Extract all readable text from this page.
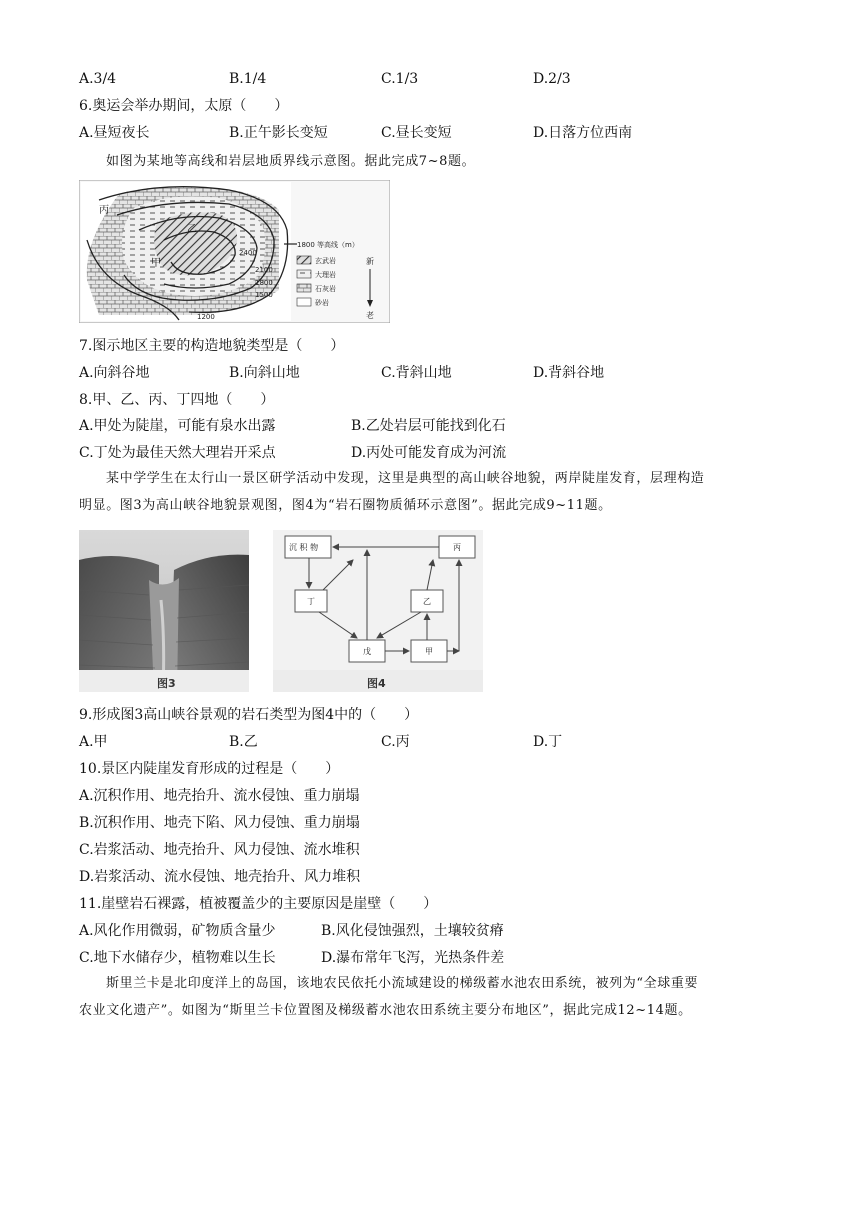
A.3/4	B.1/4	C.1/3	D.2/3
6.奥运会举办期间，太原（　　）
A.昼短夜长	B.正午影长变短	C.昼长变短	D.日落方位西南
如图为某地等高线和岩层地质界线示意图。据此完成7~8题。
丙
乙
甲
2400
2100
1800
1500
1200
1800 等高线（m）
玄武岩
大理岩
石灰岩
砂岩
新
老
7.图示地区主要的构造地貌类型是（　　）
A.向斜谷地	B.向斜山地	C.背斜山地	D.背斜谷地
8.甲、乙、丙、丁四地（　　）
A.甲处为陡崖，可能有泉水出露	B.乙处岩层可能找到化石
C.丁处为最佳天然大理岩开采点	D.丙处可能发育成为河流
某中学学生在太行山一景区研学活动中发现，这里是典型的高山峡谷地貌，两岸陡崖发育，层理构造
明显。图3为高山峡谷地貌景观图，图4为“岩石圈物质循环示意图”。据此完成9~11题。
图3
沉 积 物	丙
丁	乙
戊	甲
图4
9.形成图3高山峡谷景观的岩石类型为图4中的（　　）
A.甲	B.乙	C.丙	D.丁
10.景区内陡崖发育形成的过程是（　　）
A.沉积作用、地壳抬升、流水侵蚀、重力崩塌
B.沉积作用、地壳下陷、风力侵蚀、重力崩塌
C.岩浆活动、地壳抬升、风力侵蚀、流水堆积
D.岩浆活动、流水侵蚀、地壳抬升、风力堆积
11.崖壁岩石裸露，植被覆盖少的主要原因是崖壁（　　）
A.风化作用微弱，矿物质含量少	B.风化侵蚀强烈，土壤较贫瘠
C.地下水储存少，植物难以生长	D.瀑布常年飞泻，光热条件差
斯里兰卡是北印度洋上的岛国，该地农民依托小流域建设的梯级蓄水池农田系统，被列为“全球重要
农业文化遗产”。如图为“斯里兰卡位置图及梯级蓄水池农田系统主要分布地区”，据此完成12~14题。
